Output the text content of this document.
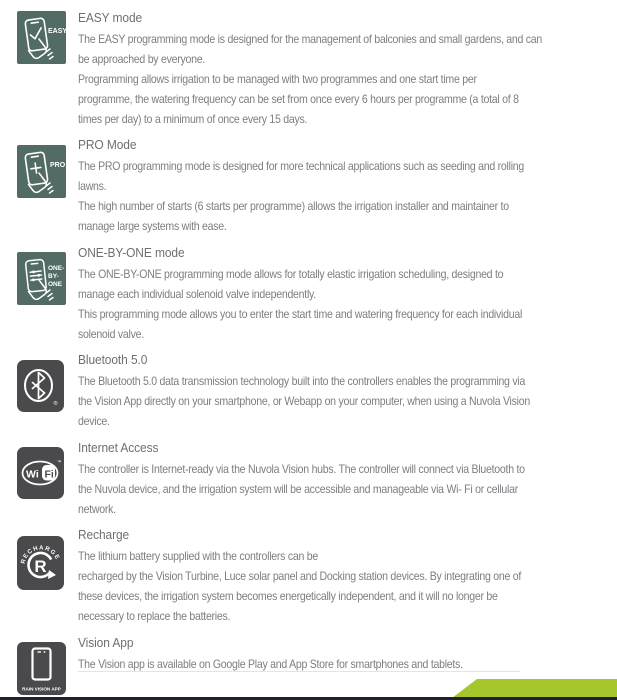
EASY
EASY mode
The EASY programming mode is designed for the management of balconies and small gardens, and can
be approached by everyone.
Programming allows irrigation to be managed with two programmes and one start time per
programme, the watering frequency can be set from once every 6 hours per programme (a total of 8
times per day) to a minimum of once every 15 days.
PRO
PRO Mode
The PRO programming mode is designed for more technical applications such as seeding and rolling
lawns.
The high number of starts (6 starts per programme) allows the irrigation installer and maintainer to
manage large systems with ease.
ONE-
BY-
ONE
ONE-BY-ONE mode
The ONE-BY-ONE programming mode allows for totally elastic irrigation scheduling, designed to
manage each individual solenoid valve independently.
This programming mode allows you to enter the start time and watering frequency for each individual
solenoid valve.
®
Bluetooth 5.0
The Bluetooth 5.0 data transmission technology built into the controllers enables the programming via
the Vision App directly on your smartphone, or Webapp on your computer, when using a Nuvola Vision
device.
Wi Fi
™
Internet Access
The controller is Internet-ready via the Nuvola Vision hubs. The controller will connect via Bluetooth to
the Nuvola device, and the irrigation system will be accessible and manageable via Wi- Fi or cellular
network.
RECHARGE
R
Recharge
The lithium battery supplied with the controllers can be
recharged by the Vision Turbine, Luce solar panel and Docking station devices. By integrating one of
these devices, the irrigation system becomes energetically independent, and it will no longer be
necessary to replace the batteries.
RAIN VISION APP
Vision App
The Vision app is available on Google Play and App Store for smartphones and tablets.
